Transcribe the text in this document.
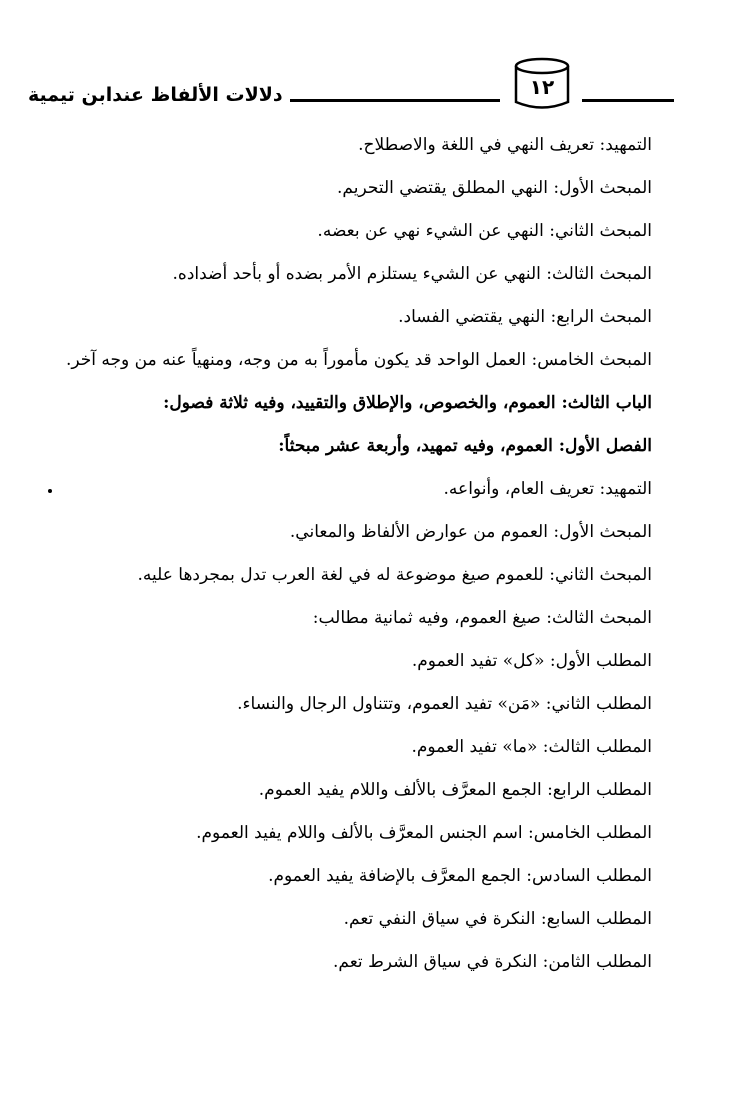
دلالات الألفاظ عندابن تيمية	١٢
التمهيد: تعريف النهي في اللغة والاصطلاح.
المبحث الأول: النهي المطلق يقتضي التحريم.
المبحث الثاني: النهي عن الشيء نهي عن بعضه.
المبحث الثالث: النهي عن الشيء يستلزم الأمر بضده أو بأحد أضداده.
المبحث الرابع: النهي يقتضي الفساد.
المبحث الخامس: العمل الواحد قد يكون مأموراً به من وجه، ومنهياً عنه من وجه آخر.
الباب الثالث: العموم، والخصوص، والإطلاق والتقييد، وفيه ثلاثة فصول:
الفصل الأول: العموم، وفيه تمهيد، وأربعة عشر مبحثاً:
التمهيد: تعريف العام، وأنواعه.
المبحث الأول: العموم من عوارض الألفاظ والمعاني.
المبحث الثاني: للعموم صيغ موضوعة له في لغة العرب تدل بمجردها عليه.
المبحث الثالث: صيغ العموم، وفيه ثمانية مطالب:
المطلب الأول: «كل» تفيد العموم.
المطلب الثاني: «مَن» تفيد العموم، وتتناول الرجال والنساء.
المطلب الثالث: «ما» تفيد العموم.
المطلب الرابع: الجمع المعرَّف بالألف واللام يفيد العموم.
المطلب الخامس: اسم الجنس المعرَّف بالألف واللام يفيد العموم.
المطلب السادس: الجمع المعرَّف بالإضافة يفيد العموم.
المطلب السابع: النكرة في سياق النفي تعم.
المطلب الثامن: النكرة في سياق الشرط تعم.
